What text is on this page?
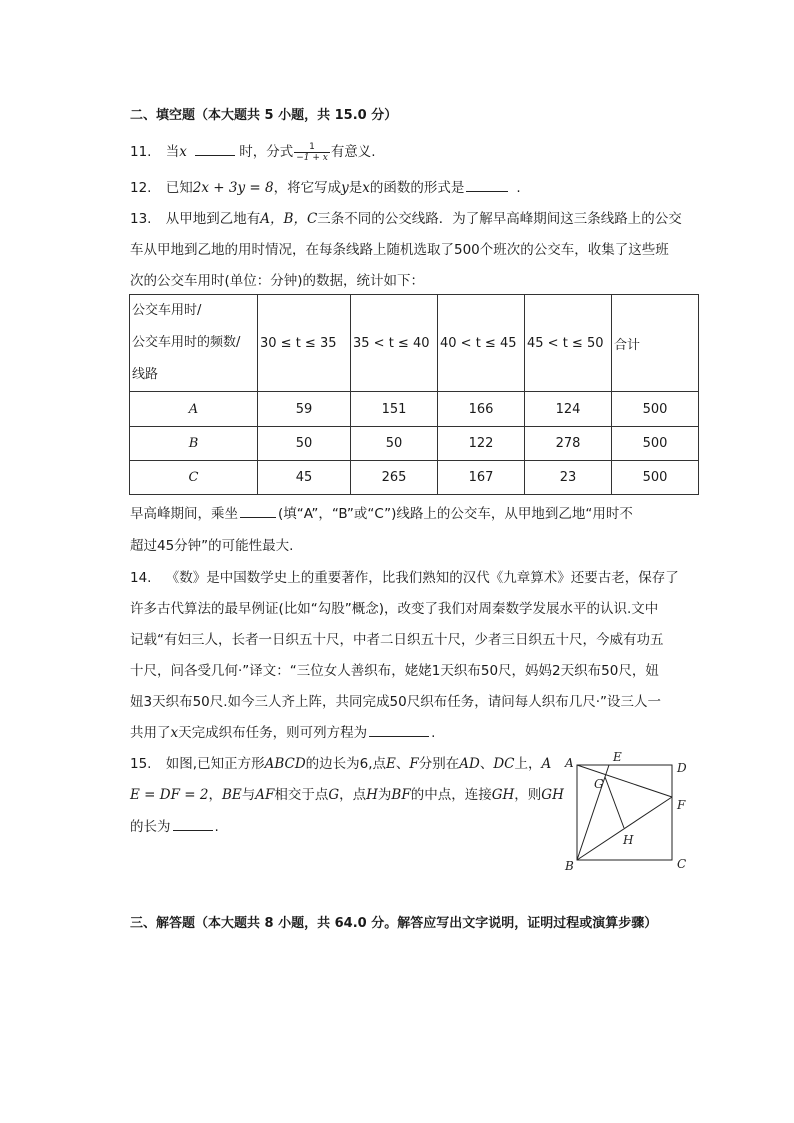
二、填空题（本大题共 5 小题，共 15.0 分）
11. 当x	时，分式 $\frac{1}{-1 + x}$ 有意义.
12. 已知2x + 3y = 8，将它写成y是x的函数的形式是	.
13. 从甲地到乙地有A，B，C三条不同的公交线路．为了解早高峰期间这三条线路上的公交
车从甲地到乙地的用时情况，在每条线路上随机选取了500个班次的公交车，收集了这些班
次的公交车用时(单位：分钟)的数据，统计如下：
公交车用时/
公交车用时的频数/
线路	30 ≤ t ≤ 35	35 < t ≤ 40	40 < t ≤ 45	45 < t ≤ 50	合计
A	59	151	166	124	500
B	50	50	122	278	500
C	45	265	167	23	500
早高峰期间，乘坐	(填“A”，“B”或“C”)线路上的公交车，从甲地到乙地“用时不
超过45分钟”的可能性最大.
14. 《数》是中国数学史上的重要著作，比我们熟知的汉代《九章算术》还要古老，保存了
许多古代算法的最早例证(比如“勾股”概念)，改变了我们对周秦数学发展水平的认识.文中
记载“有妇三人，长者一日织五十尺，中者二日织五十尺，少者三日织五十尺，今威有功五
十尺，问各受几何·”译文：“三位女人善织布，姥姥1天织布50尺，妈妈2天织布50尺，妞
妞3天织布50尺.如今三人齐上阵，共同完成50尺织布任务，请问每人织布几尺·”设三人一
共用了x天完成织布任务，则可列方程为	.
15. 如图,已知正方形ABCD的边长为6,点E、F分别在AD、DC上，A
E = DF = 2，BE与AF相交于点G，点H为BF的中点，连接GH，则GH
的长为	.
A
B	C
D
E
F
G
H
三、解答题（本大题共 8 小题，共 64.0 分。解答应写出文字说明，证明过程或演算步骤）
